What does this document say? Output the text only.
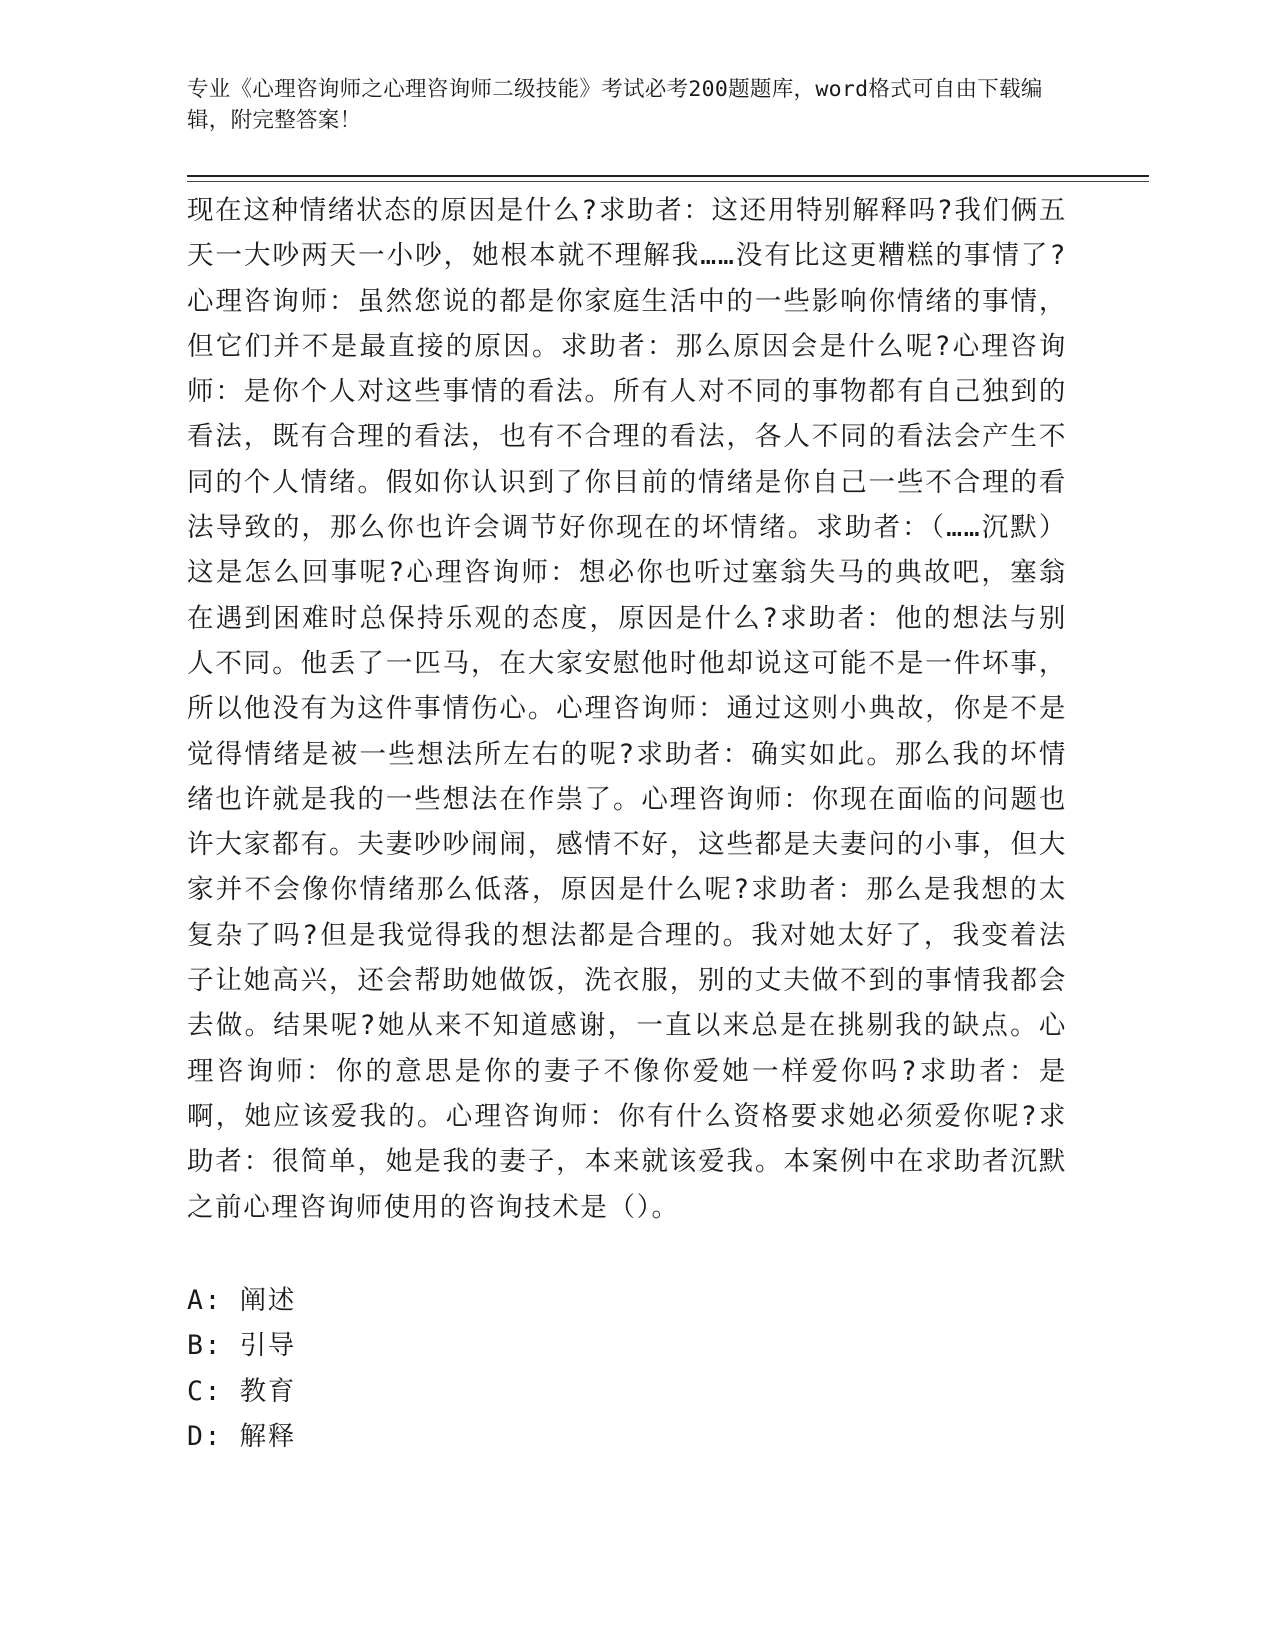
专业《心理咨询师之心理咨询师二级技能》考试必考200题题库，word格式可自由下载编辑，附完整答案！

现在这种情绪状态的原因是什么?求助者：这还用特别解释吗?我们俩五天一大吵两天一小吵，她根本就不理解我……没有比这更糟糕的事情了?心理咨询师：虽然您说的都是你家庭生活中的一些影响你情绪的事情，但它们并不是最直接的原因。求助者：那么原因会是什么呢?心理咨询师：是你个人对这些事情的看法。所有人对不同的事物都有自己独到的看法，既有合理的看法，也有不合理的看法，各人不同的看法会产生不同的个人情绪。假如你认识到了你目前的情绪是你自己一些不合理的看法导致的，那么你也许会调节好你现在的坏情绪。求助者：（……沉默）这是怎么回事呢?心理咨询师：想必你也听过塞翁失马的典故吧，塞翁在遇到困难时总保持乐观的态度，原因是什么?求助者：他的想法与别人不同。他丢了一匹马，在大家安慰他时他却说这可能不是一件坏事，所以他没有为这件事情伤心。心理咨询师：通过这则小典故，你是不是觉得情绪是被一些想法所左右的呢?求助者：确实如此。那么我的坏情绪也许就是我的一些想法在作祟了。心理咨询师：你现在面临的问题也许大家都有。夫妻吵吵闹闹，感情不好，这些都是夫妻问的小事，但大家并不会像你情绪那么低落，原因是什么呢?求助者：那么是我想的太复杂了吗?但是我觉得我的想法都是合理的。我对她太好了，我变着法子让她高兴，还会帮助她做饭，洗衣服，别的丈夫做不到的事情我都会去做。结果呢?她从来不知道感谢，一直以来总是在挑剔我的缺点。心理咨询师：你的意思是你的妻子不像你爱她一样爱你吗?求助者：是啊，她应该爱我的。心理咨询师：你有什么资格要求她必须爱你呢?求助者：很简单，她是我的妻子，本来就该爱我。本案例中在求助者沉默之前心理咨询师使用的咨询技术是（）。

A: 阐述
B: 引导
C: 教育
D: 解释
